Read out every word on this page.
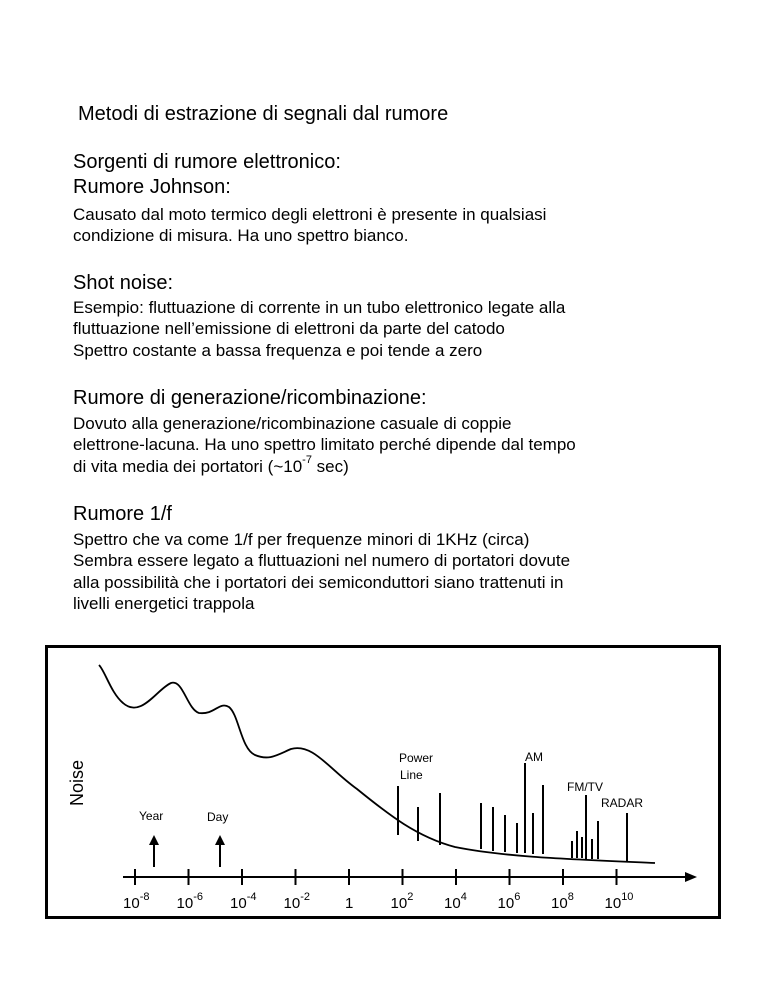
Metodi di estrazione di segnali dal rumore
Sorgenti di rumore elettronico:
Rumore Johnson:
Causato dal moto termico degli elettroni è presente in qualsiasi
condizione di misura. Ha uno spettro bianco.
Shot noise:
Esempio: fluttuazione di corrente in un tubo elettronico legate alla
fluttuazione nell’emissione di elettroni da parte del catodo
Spettro costante a bassa frequenza e poi tende a zero
Rumore di generazione/ricombinazione:
Dovuto alla generazione/ricombinazione casuale di coppie
elettrone-lacuna. Ha uno spettro limitato perché dipende dal tempo
di vita media dei portatori ($\sim 10^{-7}$ sec)
Rumore 1/f
Spettro che va come 1/f per frequenze minori di 1KHz (circa)
Sembra essere legato a fluttuazioni nel numero di portatori dovute
alla possibilità che i portatori dei semiconduttori siano trattenuti in
livelli energetici trappola
Noise
Year	Day
Power
Line
AM
FM/TV
RADAR
$10^{-8}$ $10^{-6}$ $10^{-4}$ $10^{-2}$ 1 $10^2$ $10^4$ $10^6$ $10^8$ $10^{10}$
